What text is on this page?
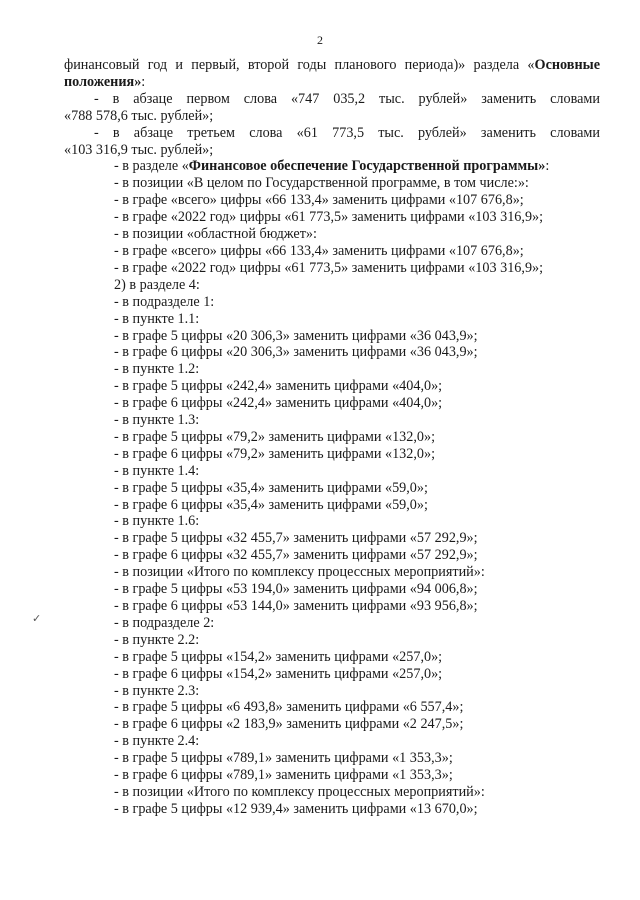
2
✓
финансовый год и первый, второй годы планового периода)» раздела «Основные
положения»:
- в абзаце первом слова «747 035,2 тыс. рублей» заменить словами
«788 578,6 тыс. рублей»;
- в абзаце третьем слова «61 773,5 тыс. рублей» заменить словами
«103 316,9 тыс. рублей»;
- в разделе «Финансовое обеспечение Государственной программы»:
- в позиции «В целом по Государственной программе, в том числе:»:
- в графе «всего» цифры «66 133,4» заменить цифрами «107 676,8»;
- в графе «2022 год» цифры «61 773,5» заменить цифрами «103 316,9»;
- в позиции «областной бюджет»:
- в графе «всего» цифры «66 133,4» заменить цифрами «107 676,8»;
- в графе «2022 год» цифры «61 773,5» заменить цифрами «103 316,9»;
2) в разделе 4:
- в подразделе 1:
- в пункте 1.1:
- в графе 5 цифры «20 306,3» заменить цифрами «36 043,9»;
- в графе 6 цифры «20 306,3» заменить цифрами «36 043,9»;
- в пункте 1.2:
- в графе 5 цифры «242,4» заменить цифрами «404,0»;
- в графе 6 цифры «242,4» заменить цифрами «404,0»;
- в пункте 1.3:
- в графе 5 цифры «79,2» заменить цифрами «132,0»;
- в графе 6 цифры «79,2» заменить цифрами «132,0»;
- в пункте 1.4:
- в графе 5 цифры «35,4» заменить цифрами «59,0»;
- в графе 6 цифры «35,4» заменить цифрами «59,0»;
- в пункте 1.6:
- в графе 5 цифры «32 455,7» заменить цифрами «57 292,9»;
- в графе 6 цифры «32 455,7» заменить цифрами «57 292,9»;
- в позиции «Итого по комплексу процессных мероприятий»:
- в графе 5 цифры «53 194,0» заменить цифрами «94 006,8»;
- в графе 6 цифры «53 144,0» заменить цифрами «93 956,8»;
- в подразделе 2:
- в пункте 2.2:
- в графе 5 цифры «154,2» заменить цифрами «257,0»;
- в графе 6 цифры «154,2» заменить цифрами «257,0»;
- в пункте 2.3:
- в графе 5 цифры «6 493,8» заменить цифрами «6 557,4»;
- в графе 6 цифры «2 183,9» заменить цифрами «2 247,5»;
- в пункте 2.4:
- в графе 5 цифры «789,1» заменить цифрами «1 353,3»;
- в графе 6 цифры «789,1» заменить цифрами «1 353,3»;
- в позиции «Итого по комплексу процессных мероприятий»:
- в графе 5 цифры «12 939,4» заменить цифрами «13 670,0»;
